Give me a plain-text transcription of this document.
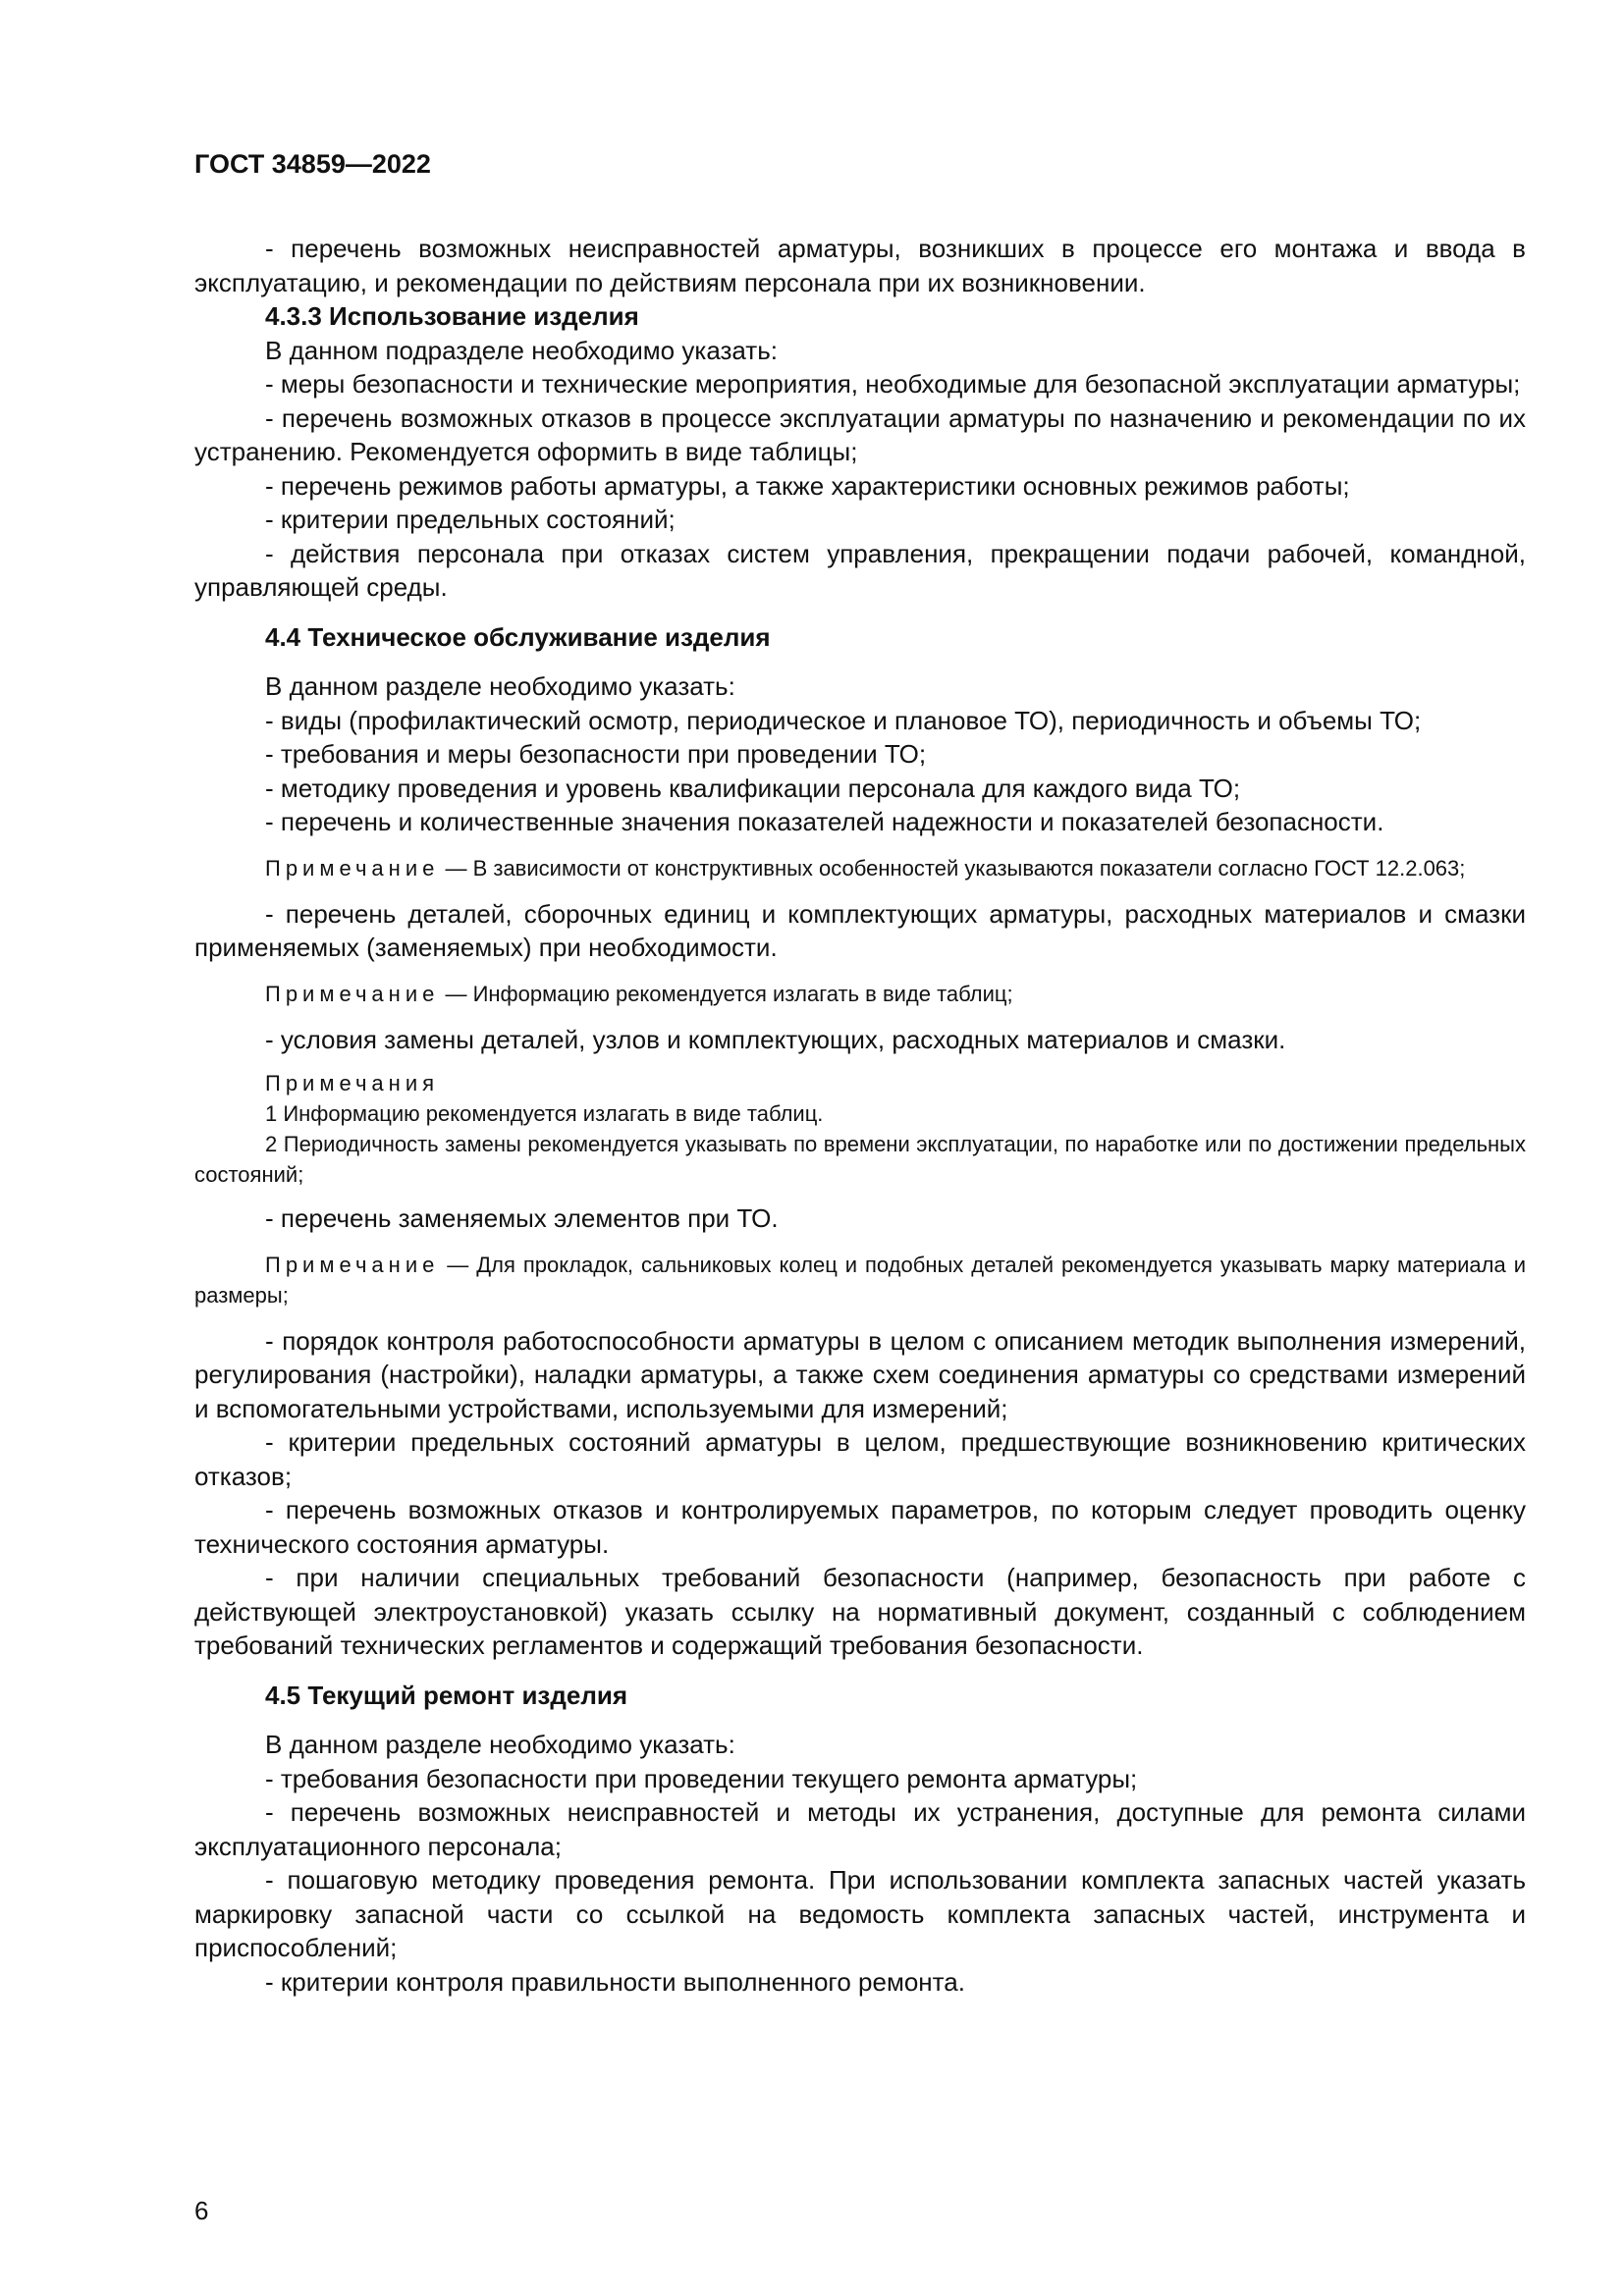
ГОСТ 34859—2022

- перечень возможных неисправностей арматуры, возникших в процессе его монтажа и ввода в эксплуатацию, и рекомендации по действиям персонала при их возникновении.

4.3.3 Использование изделия

В данном подразделе необходимо указать:

- меры безопасности и технические мероприятия, необходимые для безопасной эксплуатации арматуры;

- перечень возможных отказов в процессе эксплуатации арматуры по назначению и рекомендации по их устранению. Рекомендуется оформить в виде таблицы;

- перечень режимов работы арматуры, а также характеристики основных режимов работы;

- критерии предельных состояний;

- действия персонала при отказах систем управления, прекращении подачи рабочей, командной, управляющей среды.

4.4 Техническое обслуживание изделия

В данном разделе необходимо указать:

- виды (профилактический осмотр, периодическое и плановое ТО), периодичность и объемы ТО;

- требования и меры безопасности при проведении ТО;

- методику проведения и уровень квалификации персонала для каждого вида ТО;

- перечень и количественные значения показателей надежности и показателей безопасности.

Примечание — В зависимости от конструктивных особенностей указываются показатели согласно ГОСТ 12.2.063;

- перечень деталей, сборочных единиц и комплектующих арматуры, расходных материалов и смазки применяемых (заменяемых) при необходимости.

Примечание — Информацию рекомендуется излагать в виде таблиц;

- условия замены деталей, узлов и комплектующих, расходных материалов и смазки.

Примечания

1 Информацию рекомендуется излагать в виде таблиц.

2 Периодичность замены рекомендуется указывать по времени эксплуатации, по наработке или по достижении предельных состояний;

- перечень заменяемых элементов при ТО.

Примечание — Для прокладок, сальниковых колец и подобных деталей рекомендуется указывать марку материала и размеры;

- порядок контроля работоспособности арматуры в целом с описанием методик выполнения измерений, регулирования (настройки), наладки арматуры, а также схем соединения арматуры со средствами измерений и вспомогательными устройствами, используемыми для измерений;

- критерии предельных состояний арматуры в целом, предшествующие возникновению критических отказов;

- перечень возможных отказов и контролируемых параметров, по которым следует проводить оценку технического состояния арматуры.

- при наличии специальных требований безопасности (например, безопасность при работе с действующей электроустановкой) указать ссылку на нормативный документ, созданный с соблюдением требований технических регламентов и содержащий требования безопасности.

4.5 Текущий ремонт изделия

В данном разделе необходимо указать:

- требования безопасности при проведении текущего ремонта арматуры;

- перечень возможных неисправностей и методы их устранения, доступные для ремонта силами эксплуатационного персонала;

- пошаговую методику проведения ремонта. При использовании комплекта запасных частей указать маркировку запасной части со ссылкой на ведомость комплекта запасных частей, инструмента и приспособлений;

- критерии контроля правильности выполненного ремонта.

6
